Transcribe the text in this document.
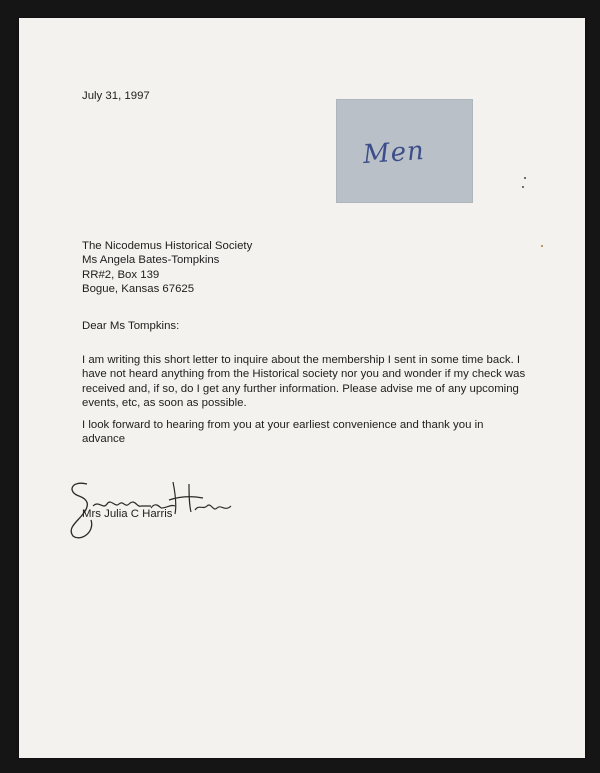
July 31, 1997
Men
The Nicodemus Historical Society
Ms Angela Bates-Tompkins
RR#2, Box 139
Bogue, Kansas 67625
Dear Ms Tompkins:
I am writing this short letter to inquire about the membership I sent in some time back. I
have not heard anything from the Historical society nor you and wonder if my check was
received and, if so, do I get any further information. Please advise me of any upcoming
events, etc, as soon as possible.
I look forward to hearing from you at your earliest convenience and thank you in
advance
Mrs Julia C Harris
